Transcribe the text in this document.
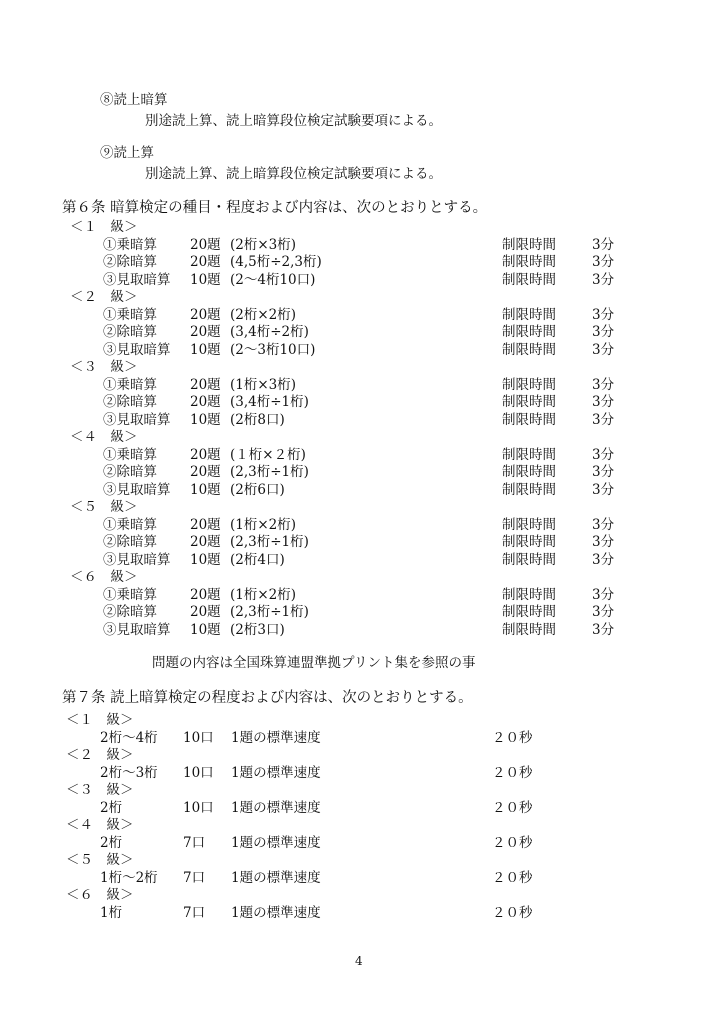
⑧読上暗算
別途読上算、読上暗算段位検定試験要項による。
⑨読上算
別途読上算、読上暗算段位検定試験要項による。
第６条 暗算検定の種目・程度および内容は、次のとおりとする。
＜１　級＞
①乗暗算 20題 (2桁×3桁)	制限時間	3分
②除暗算 20題 (4,5桁÷2,3桁)	制限時間	3分
③見取暗算 10題 (2〜4桁10口)	制限時間	3分
＜２　級＞
①乗暗算 20題 (2桁×2桁)	制限時間	3分
②除暗算 20題 (3,4桁÷2桁)	制限時間	3分
③見取暗算 10題 (2〜3桁10口)	制限時間	3分
＜３　級＞
①乗暗算 20題 (1桁×3桁)	制限時間	3分
②除暗算 20題 (3,4桁÷1桁)	制限時間	3分
③見取暗算 10題 (2桁8口)	制限時間	3分
＜４　級＞
①乗暗算 20題 (１桁×２桁)	制限時間	3分
②除暗算 20題 (2,3桁÷1桁)	制限時間	3分
③見取暗算 10題 (2桁6口)	制限時間	3分
＜５　級＞
①乗暗算 20題 (1桁×2桁)	制限時間	3分
②除暗算 20題 (2,3桁÷1桁)	制限時間	3分
③見取暗算 10題 (2桁4口)	制限時間	3分
＜６　級＞
①乗暗算 20題 (1桁×2桁)	制限時間	3分
②除暗算 20題 (2,3桁÷1桁)	制限時間	3分
③見取暗算 10題 (2桁3口)	制限時間	3分
問題の内容は全国珠算連盟準拠プリント集を参照の事
第７条 読上暗算検定の程度および内容は、次のとおりとする。
＜１　級＞
2桁〜4桁 10口 1題の標準速度	２０秒
＜２　級＞
2桁〜3桁 10口 1題の標準速度	２０秒
＜３　級＞
2桁	10口 1題の標準速度	２０秒
＜４　級＞
2桁	7口 1題の標準速度	２０秒
＜５　級＞
1桁〜2桁 7口 1題の標準速度	２０秒
＜６　級＞
1桁	7口 1題の標準速度	２０秒
4
